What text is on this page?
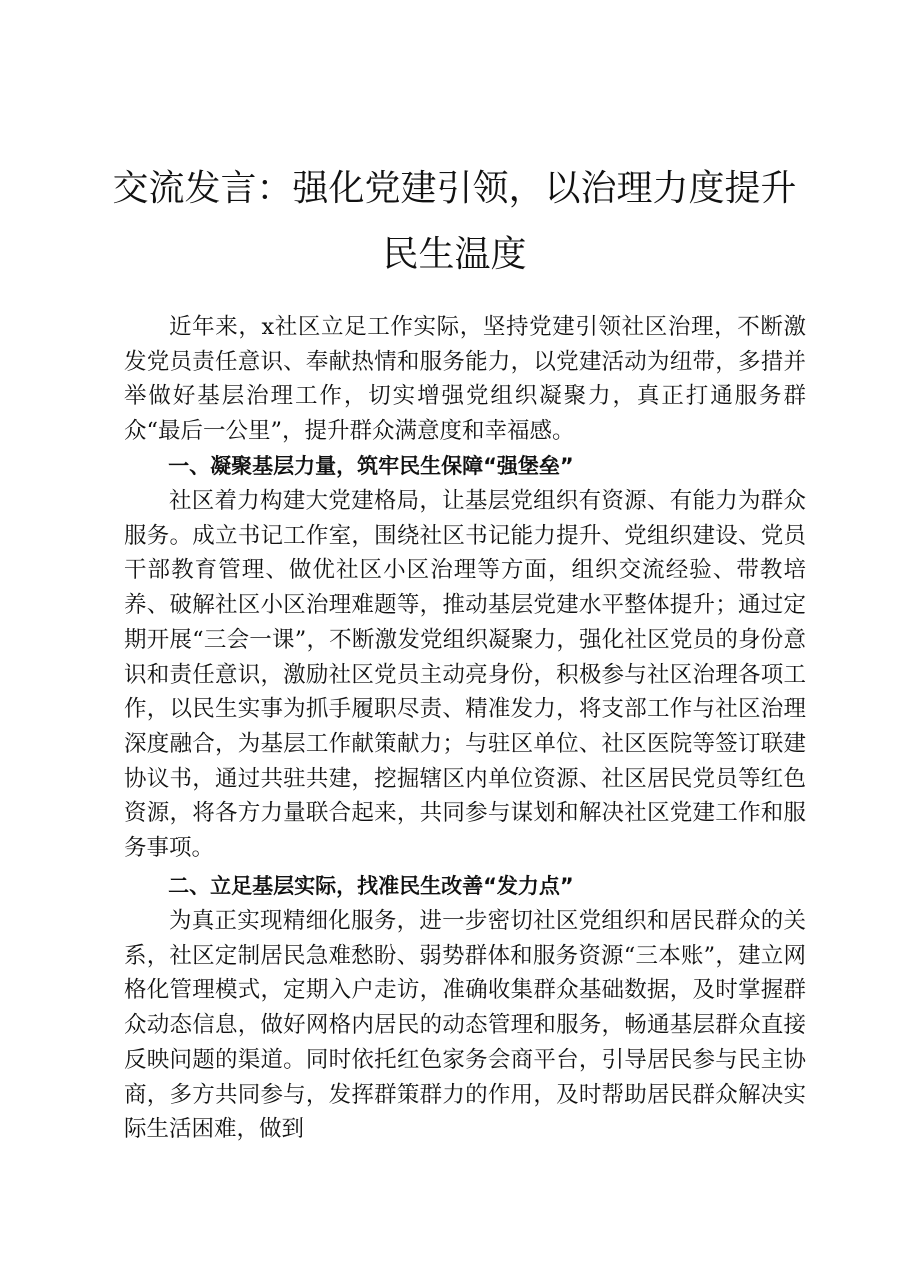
交流发言：强化党建引领，以治理力度提升民生温度

近年来，x社区立足工作实际，坚持党建引领社区治理，不断激发党员责任意识、奉献热情和服务能力，以党建活动为纽带，多措并举做好基层治理工作，切实增强党组织凝聚力，真正打通服务群众“最后一公里”，提升群众满意度和幸福感。

一、凝聚基层力量，筑牢民生保障“强堡垒”

社区着力构建大党建格局，让基层党组织有资源、有能力为群众服务。成立书记工作室，围绕社区书记能力提升、党组织建设、党员干部教育管理、做优社区小区治理等方面，组织交流经验、带教培养、破解社区小区治理难题等，推动基层党建水平整体提升；通过定期开展“三会一课”，不断激发党组织凝聚力，强化社区党员的身份意识和责任意识，激励社区党员主动亮身份，积极参与社区治理各项工作，以民生实事为抓手履职尽责、精准发力，将支部工作与社区治理深度融合，为基层工作献策献力；与驻区单位、社区医院等签订联建协议书，通过共驻共建，挖掘辖区内单位资源、社区居民党员等红色资源，将各方力量联合起来，共同参与谋划和解决社区党建工作和服务事项。

二、立足基层实际，找准民生改善“发力点”

为真正实现精细化服务，进一步密切社区党组织和居民群众的关系，社区定制居民急难愁盼、弱势群体和服务资源“三本账”，建立网格化管理模式，定期入户走访，准确收集群众基础数据，及时掌握群众动态信息，做好网格内居民的动态管理和服务，畅通基层群众直接反映问题的渠道。同时依托红色家务会商平台，引导居民参与民主协商，多方共同参与，发挥群策群力的作用，及时帮助居民群众解决实际生活困难，做到
